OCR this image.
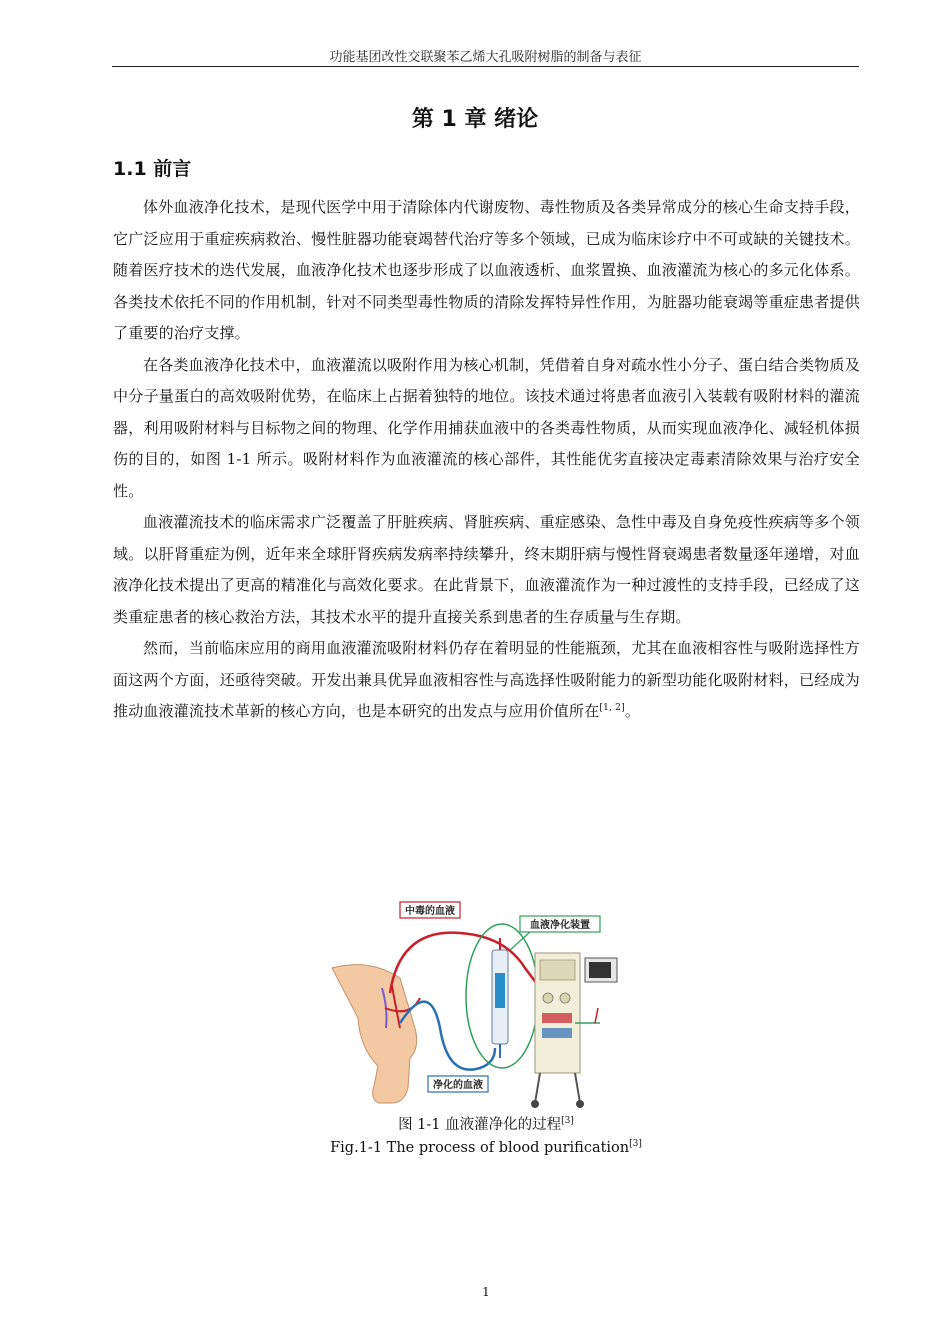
功能基团改性交联聚苯乙烯大孔吸附树脂的制备与表征
第 1 章 绪论
1.1 前言

体外血液净化技术，是现代医学中用于清除体内代谢废物、毒性物质及各类异常成分的核心生命支持手段，它广泛应用于重症疾病救治、慢性脏器功能衰竭替代治疗等多个领域，已成为临床诊疗中不可或缺的关键技术。随着医疗技术的迭代发展，血液净化技术也逐步形成了以血液透析、血浆置换、血液灌流为核心的多元化体系。各类技术依托不同的作用机制，针对不同类型毒性物质的清除发挥特异性作用，为脏器功能衰竭等重症患者提供了重要的治疗支撑。

在各类血液净化技术中，血液灌流以吸附作用为核心机制，凭借着自身对疏水性小分子、蛋白结合类物质及中分子量蛋白的高效吸附优势，在临床上占据着独特的地位。该技术通过将患者血液引入装载有吸附材料的灌流器，利用吸附材料与目标物之间的物理、化学作用捕获血液中的各类毒性物质，从而实现血液净化、减轻机体损伤的目的，如图 1-1 所示。吸附材料作为血液灌流的核心部件，其性能优劣直接决定毒素清除效果与治疗安全性。

血液灌流技术的临床需求广泛覆盖了肝脏疾病、肾脏疾病、重症感染、急性中毒及自身免疫性疾病等多个领域。以肝肾重症为例，近年来全球肝肾疾病发病率持续攀升，终末期肝病与慢性肾衰竭患者数量逐年递增，对血液净化技术提出了更高的精准化与高效化要求。在此背景下，血液灌流作为一种过渡性的支持手段，已经成了这类重症患者的核心救治方法，其技术水平的提升直接关系到患者的生存质量与生存期。

然而，当前临床应用的商用血液灌流吸附材料仍存在着明显的性能瓶颈，尤其在血液相容性与吸附选择性方面这两个方面，还亟待突破。开发出兼具优异血液相容性与高选择性吸附能力的新型功能化吸附材料，已经成为推动血液灌流技术革新的核心方向，也是本研究的出发点与应用价值所在[1, 2]。

中毒的血液
血液净化装置
净化的血液
图 1-1 血液灌净化的过程[3]
Fig.1-1 The process of blood purification[3]
1
